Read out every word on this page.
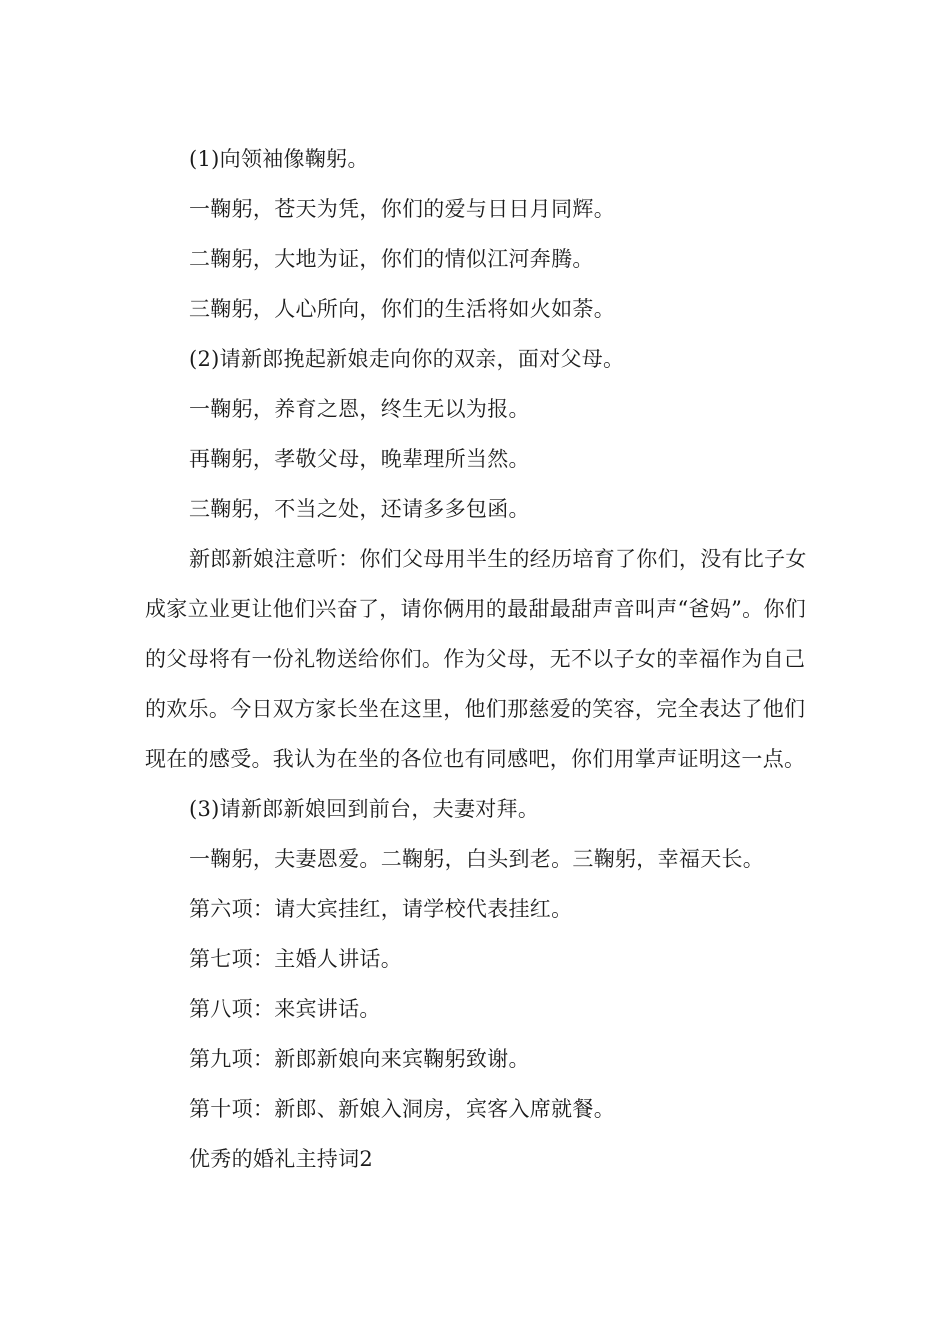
(1)向领袖像鞠躬。

一鞠躬，苍天为凭，你们的爱与日日月同辉。

二鞠躬，大地为证，你们的情似江河奔腾。

三鞠躬，人心所向，你们的生活将如火如荼。

(2)请新郎挽起新娘走向你的双亲，面对父母。

一鞠躬，养育之恩，终生无以为报。

再鞠躬，孝敬父母，晚辈理所当然。

三鞠躬，不当之处，还请多多包函。

新郎新娘注意听：你们父母用半生的经历培育了你们，没有比子女成家立业更让他们兴奋了，请你俩用的最甜最甜声音叫声“爸妈”。你们的父母将有一份礼物送给你们。作为父母，无不以子女的幸福作为自己的欢乐。今日双方家长坐在这里，他们那慈爱的笑容，完全表达了他们现在的感受。我认为在坐的各位也有同感吧，你们用掌声证明这一点。

(3)请新郎新娘回到前台，夫妻对拜。

一鞠躬，夫妻恩爱。二鞠躬，白头到老。三鞠躬，幸福天长。

第六项：请大宾挂红，请学校代表挂红。

第七项：主婚人讲话。

第八项：来宾讲话。

第九项：新郎新娘向来宾鞠躬致谢。

第十项：新郎、新娘入洞房，宾客入席就餐。

优秀的婚礼主持词2
